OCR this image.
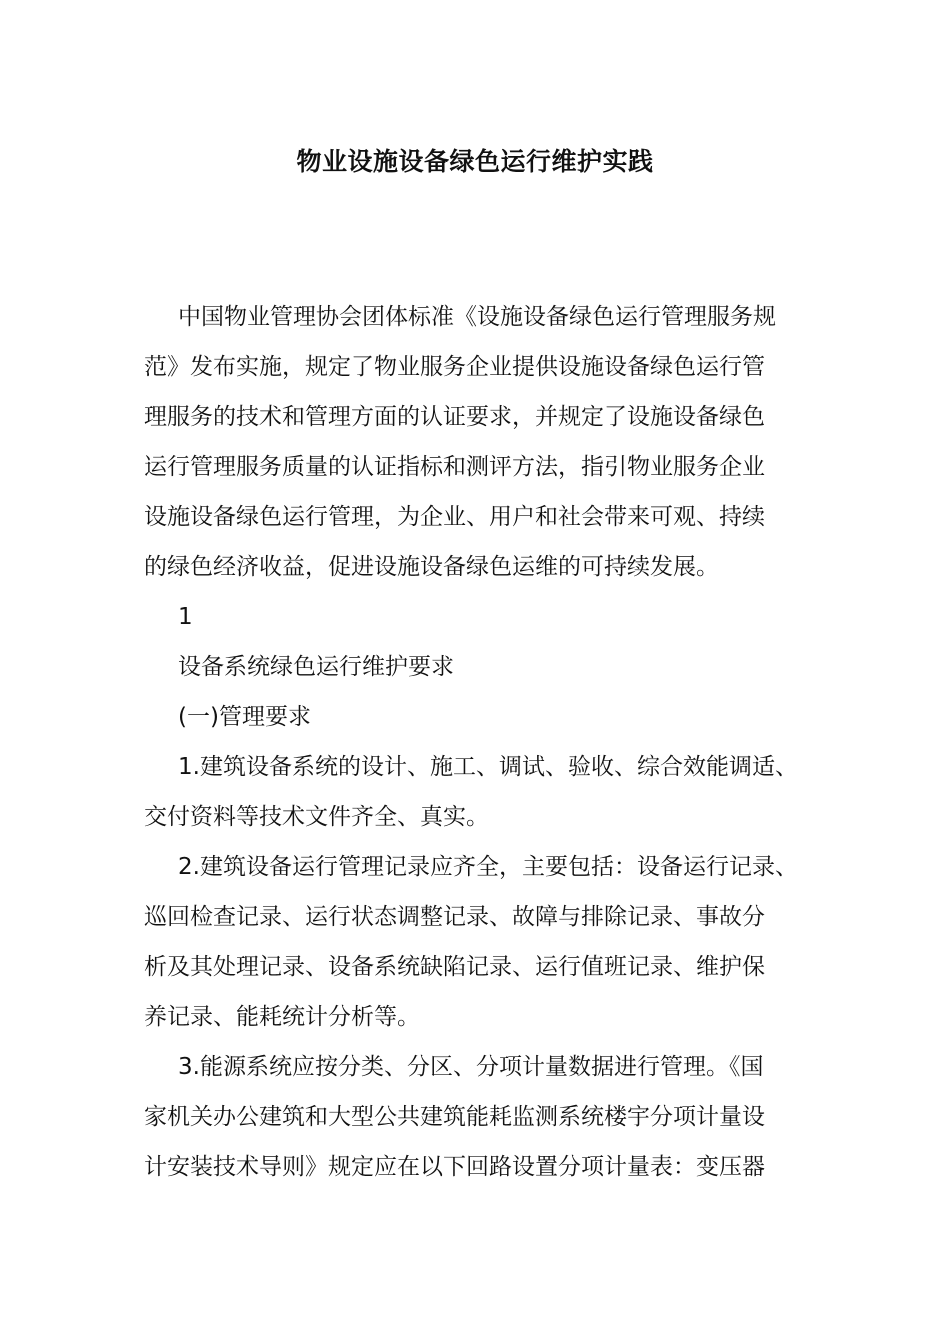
物业设施设备绿色运行维护实践

中国物业管理协会团体标准《设施设备绿色运行管理服务规
范》发布实施，规定了物业服务企业提供设施设备绿色运行管
理服务的技术和管理方面的认证要求，并规定了设施设备绿色
运行管理服务质量的认证指标和测评方法，指引物业服务企业
设施设备绿色运行管理，为企业、用户和社会带来可观、持续
的绿色经济收益，促进设施设备绿色运维的可持续发展。

1

设备系统绿色运行维护要求

(一)管理要求

1.建筑设备系统的设计、施工、调试、验收、综合效能调适、
交付资料等技术文件齐全、真实。

2.建筑设备运行管理记录应齐全，主要包括：设备运行记录、
巡回检查记录、运行状态调整记录、故障与排除记录、事故分
析及其处理记录、设备系统缺陷记录、运行值班记录、维护保
养记录、能耗统计分析等。

3.能源系统应按分类、分区、分项计量数据进行管理。《国
家机关办公建筑和大型公共建筑能耗监测系统楼宇分项计量设
计安装技术导则》规定应在以下回路设置分项计量表：变压器
